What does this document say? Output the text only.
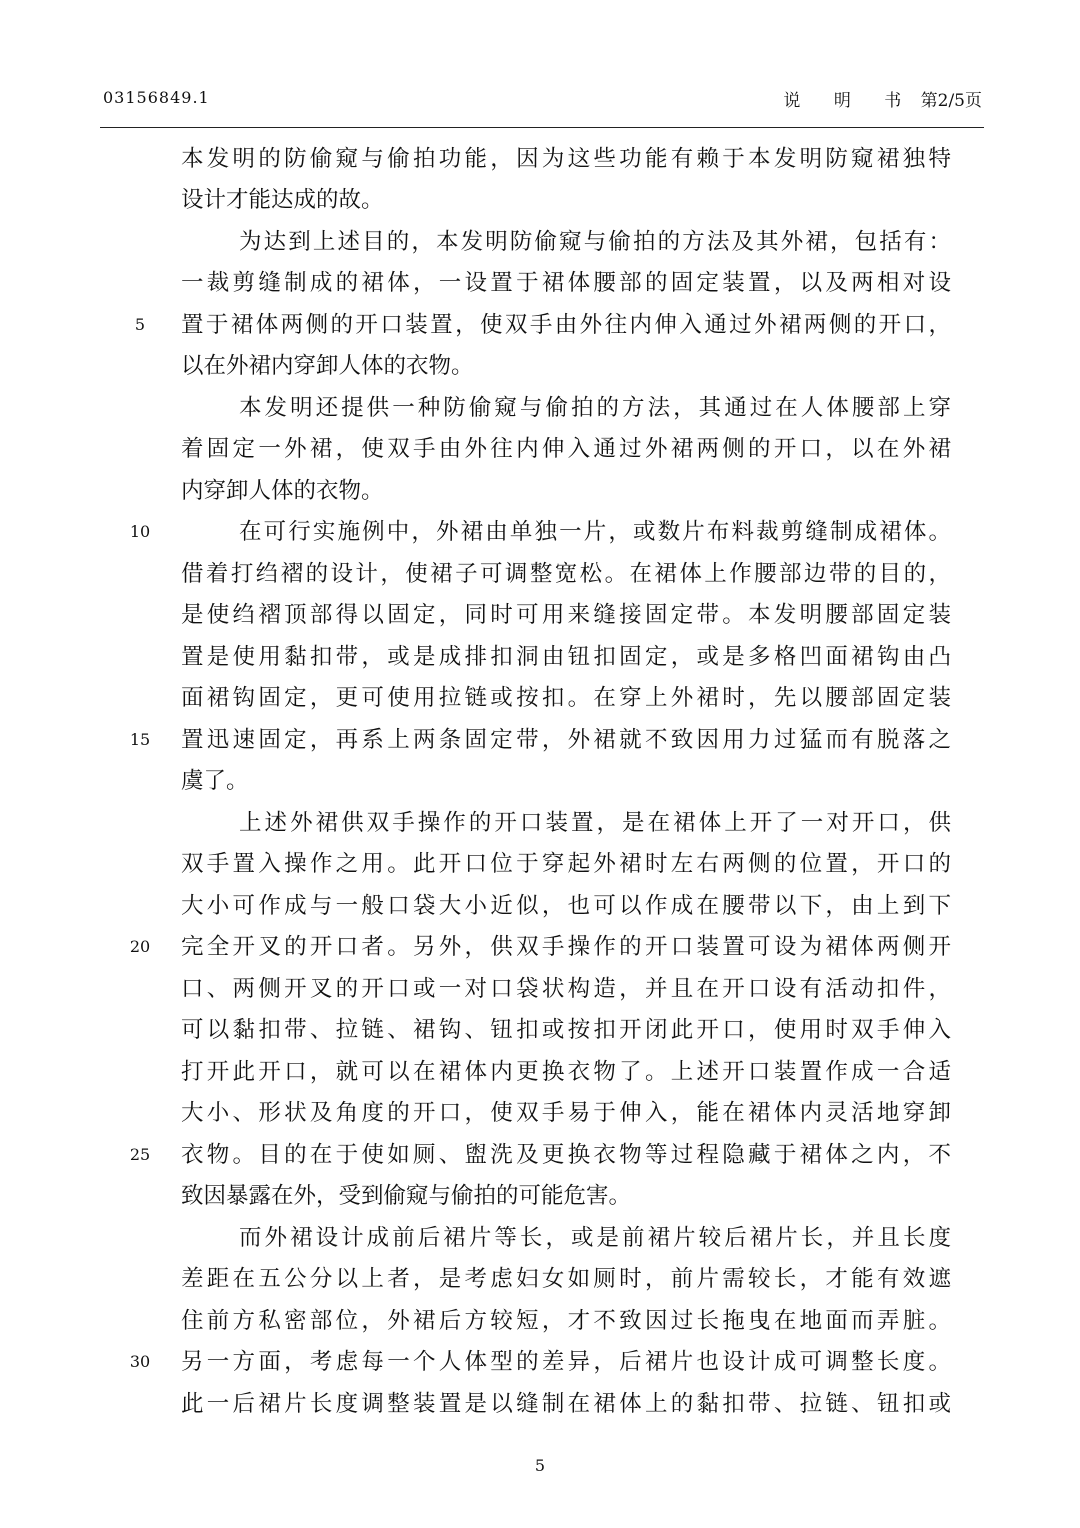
03156849.1	说 明 书 第2/5页
本发明的防偷窥与偷拍功能，因为这些功能有赖于本发明防窥裙独特
设计才能达成的故。
为达到上述目的，本发明防偷窥与偷拍的方法及其外裙，包括有：
一裁剪缝制成的裙体，一设置于裙体腰部的固定装置，以及两相对设
5	置于裙体两侧的开口装置，使双手由外往内伸入通过外裙两侧的开口，
以在外裙内穿卸人体的衣物。
本发明还提供一种防偷窥与偷拍的方法，其通过在人体腰部上穿
着固定一外裙，使双手由外往内伸入通过外裙两侧的开口，以在外裙
内穿卸人体的衣物。
10	在可行实施例中，外裙由单独一片，或数片布料裁剪缝制成裙体。
借着打绉褶的设计，使裙子可调整宽松。在裙体上作腰部边带的目的，
是使绉褶顶部得以固定，同时可用来缝接固定带。本发明腰部固定装
置是使用黏扣带，或是成排扣洞由钮扣固定，或是多格凹面裙钩由凸
面裙钩固定，更可使用拉链或按扣。在穿上外裙时，先以腰部固定装
15	置迅速固定，再系上两条固定带，外裙就不致因用力过猛而有脱落之
虞了。
上述外裙供双手操作的开口装置，是在裙体上开了一对开口，供
双手置入操作之用。此开口位于穿起外裙时左右两侧的位置，开口的
大小可作成与一般口袋大小近似，也可以作成在腰带以下，由上到下
20	完全开叉的开口者。另外，供双手操作的开口装置可设为裙体两侧开
口、两侧开叉的开口或一对口袋状构造，并且在开口设有活动扣件，
可以黏扣带、拉链、裙钩、钮扣或按扣开闭此开口，使用时双手伸入
打开此开口，就可以在裙体内更换衣物了。上述开口装置作成一合适
大小、形状及角度的开口，使双手易于伸入，能在裙体内灵活地穿卸
25	衣物。目的在于使如厕、盥洗及更换衣物等过程隐藏于裙体之内，不
致因暴露在外，受到偷窥与偷拍的可能危害。
而外裙设计成前后裙片等长，或是前裙片较后裙片长，并且长度
差距在五公分以上者，是考虑妇女如厕时，前片需较长，才能有效遮
住前方私密部位，外裙后方较短，才不致因过长拖曳在地面而弄脏。
30	另一方面，考虑每一个人体型的差异，后裙片也设计成可调整长度。
此一后裙片长度调整装置是以缝制在裙体上的黏扣带、拉链、钮扣或
5
